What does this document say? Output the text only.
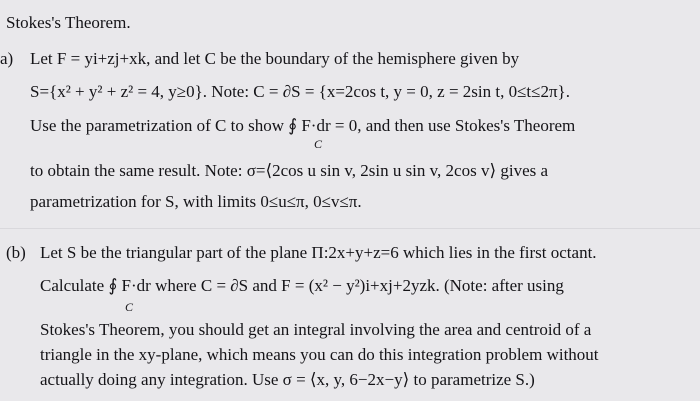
Stokes's Theorem.
a) Let F = yi+zj+xk, and let C be the boundary of the hemisphere given by
S={x² + y² + z² = 4, y≥0}. Note: C = ∂S = {x=2cos t, y = 0, z = 2sin t, 0≤t≤2π}.
Use the parametrization of C to show ∮ F·dr = 0, and then use Stokes's Theorem
C
to obtain the same result. Note: σ=⟨2cos u sin v, 2sin u sin v, 2cos v⟩ gives a
parametrization for S, with limits 0≤u≤π, 0≤v≤π.
(b) Let S be the triangular part of the plane Π:2x+y+z=6 which lies in the first octant.
Calculate ∮ F·dr where C = ∂S and F = (x² − y²)i+xj+2yzk. (Note: after using
C
Stokes's Theorem, you should get an integral involving the area and centroid of a
triangle in the xy-plane, which means you can do this integration problem without
actually doing any integration. Use σ = ⟨x, y, 6−2x−y⟩ to parametrize S.)
